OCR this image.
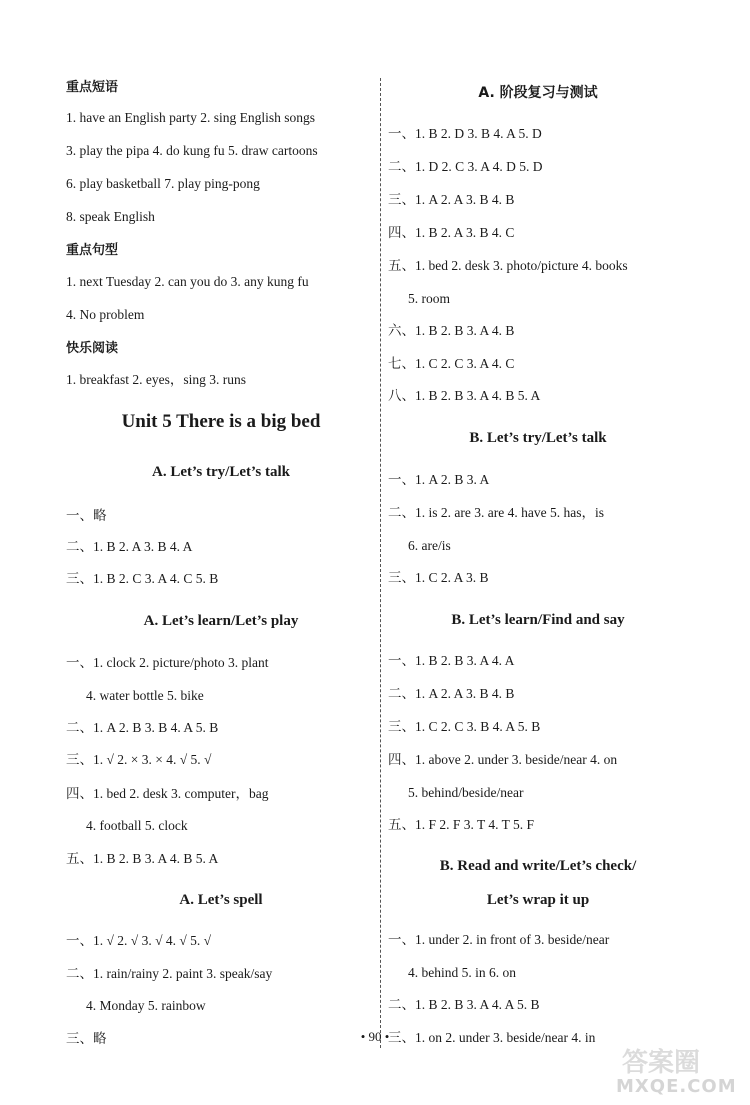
重点短语
1. have an English party 2. sing English songs
3. play the pipa 4. do kung fu 5. draw cartoons
6. play basketball 7. play ping-pong
8. speak English
重点句型
1. next Tuesday 2. can you do 3. any kung fu
4. No problem
快乐阅读
1. breakfast 2. eyes，sing 3. runs
Unit 5 There is a big bed
A. Let’s try/Let’s talk
一、略
二、1. B 2. A 3. B 4. A
三、1. B 2. C 3. A 4. C 5. B
A. Let’s learn/Let’s play
一、1. clock 2. picture/photo 3. plant
4. water bottle 5. bike
二、1. A 2. B 3. B 4. A 5. B
三、1. √ 2. × 3. × 4. √ 5. √
四、1. bed 2. desk 3. computer，bag
4. football 5. clock
五、1. B 2. B 3. A 4. B 5. A
A. Let’s spell
一、1. √ 2. √ 3. √ 4. √ 5. √
二、1. rain/rainy 2. paint 3. speak/say
4. Monday 5. rainbow
三、略
A. 阶段复习与测试
一、1. B 2. D 3. B 4. A 5. D
二、1. D 2. C 3. A 4. D 5. D
三、1. A 2. A 3. B 4. B
四、1. B 2. A 3. B 4. C
五、1. bed 2. desk 3. photo/picture 4. books
5. room
六、1. B 2. B 3. A 4. B
七、1. C 2. C 3. A 4. C
八、1. B 2. B 3. A 4. B 5. A
B. Let’s try/Let’s talk
一、1. A 2. B 3. A
二、1. is 2. are 3. are 4. have 5. has，is
6. are/is
三、1. C 2. A 3. B
B. Let’s learn/Find and say
一、1. B 2. B 3. A 4. A
二、1. A 2. A 3. B 4. B
三、1. C 2. C 3. B 4. A 5. B
四、1. above 2. under 3. beside/near 4. on
5. behind/beside/near
五、1. F 2. F 3. T 4. T 5. F
B. Read and write/Let’s check/
Let’s wrap it up
一、1. under 2. in front of 3. beside/near
4. behind 5. in 6. on
二、1. B 2. B 3. A 4. A 5. B
三、1. on 2. under 3. beside/near 4. in
• 90 •
答案圈
MXQE.COM
